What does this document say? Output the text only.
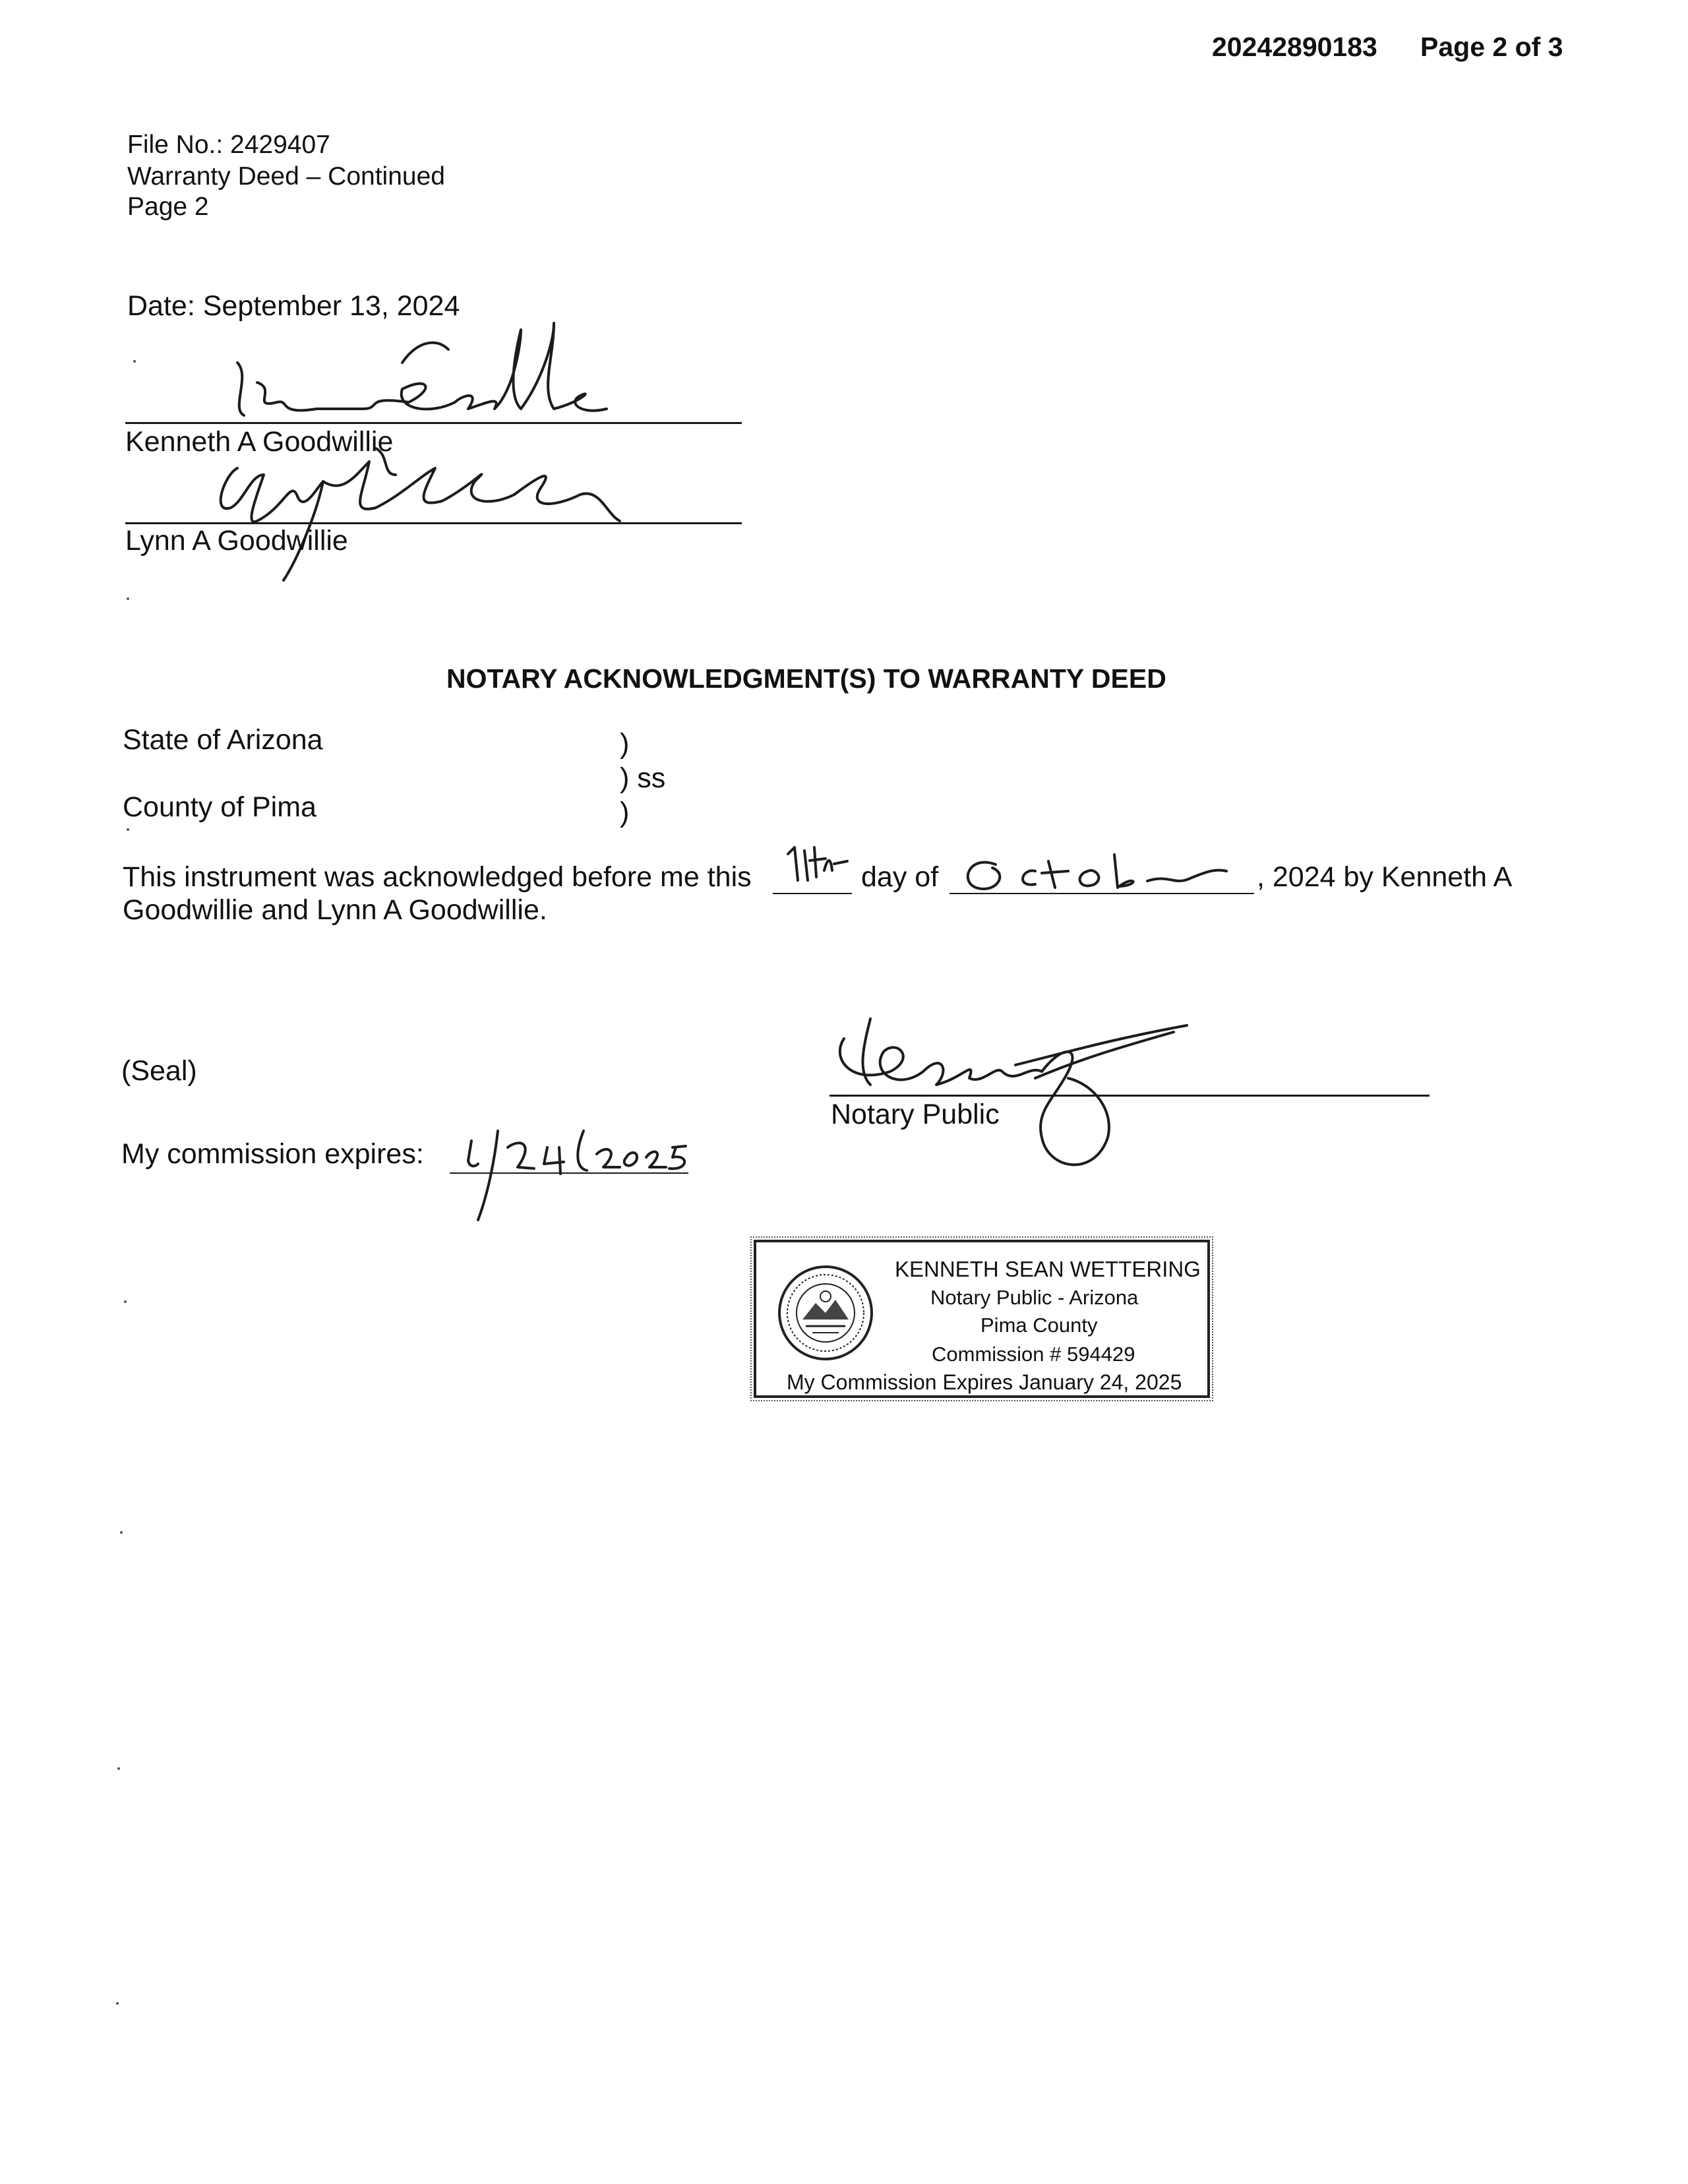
20242890183 Page 2 of 3
File No.: 2429407
Warranty Deed – Continued
Page 2
Date: September 13, 2024
Kenneth A Goodwillie
Lynn A Goodwillie
NOTARY ACKNOWLEDGMENT(S) TO WARRANTY DEED
State of Arizona
County of Pima
)
) ss
)
This instrument was acknowledged before me this	day of	, 2024 by Kenneth A
Goodwillie and Lynn A Goodwillie.
(Seal)
Notary Public
My commission expires:
KENNETH SEAN WETTERING
Notary Public - Arizona
Pima County
Commission # 594429
My Commission Expires January 24, 2025
